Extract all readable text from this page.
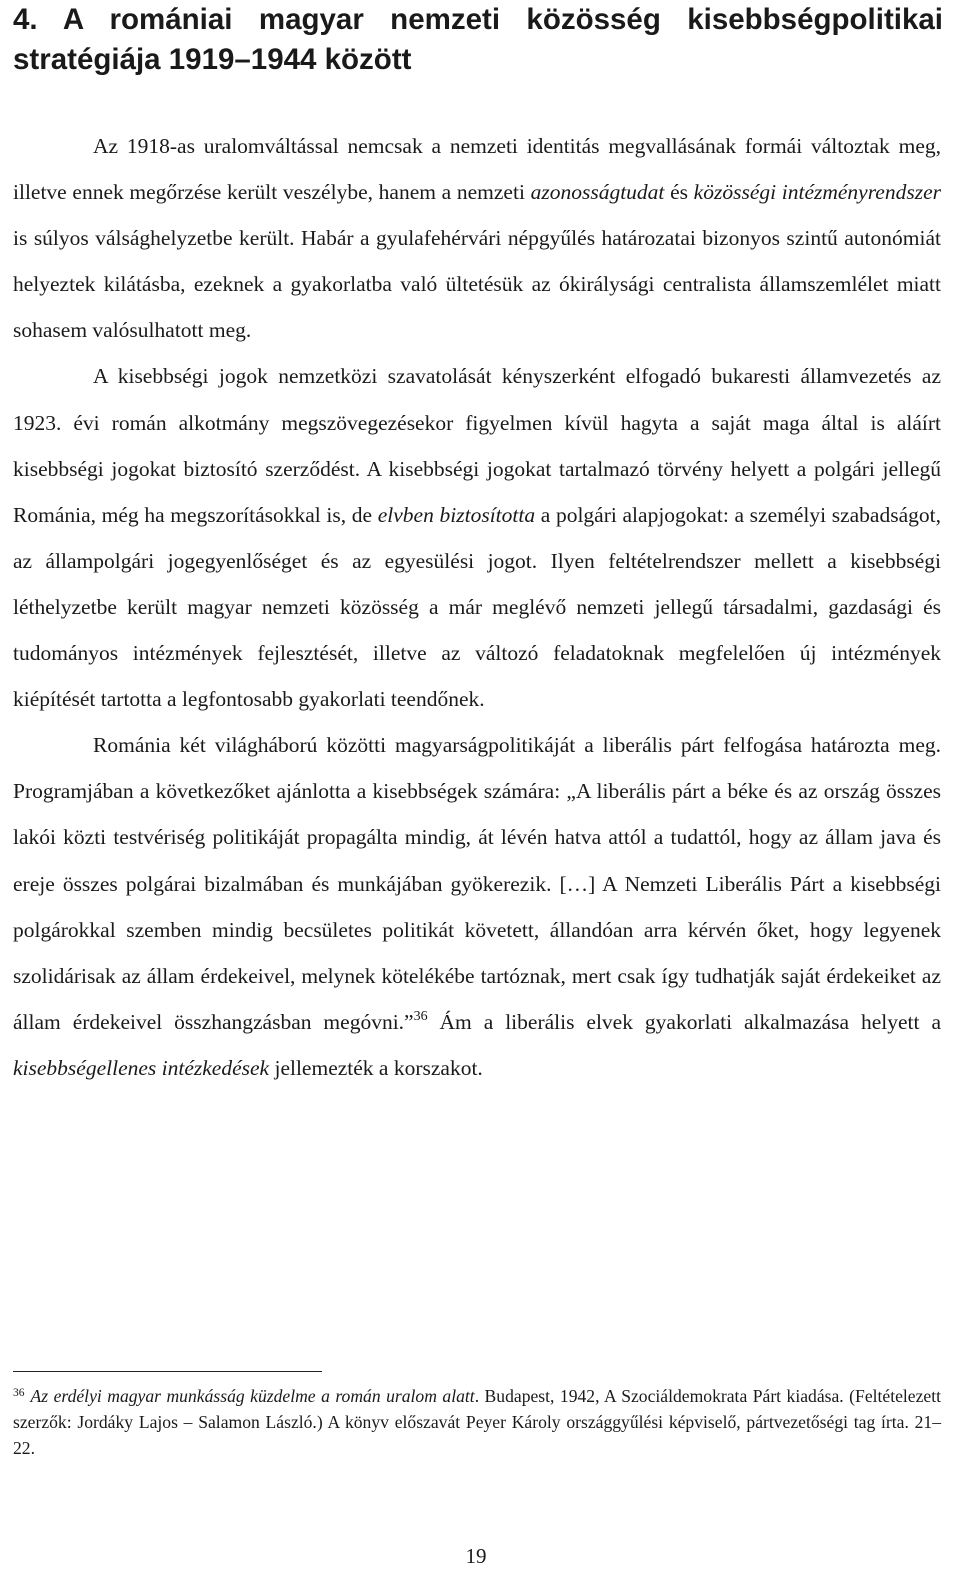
4. A romániai magyar nemzeti közösség kisebbségpolitikai stratégiája 1919–1944 között

Az 1918-as uralomváltással nemcsak a nemzeti identitás megvallásának formái változtak meg, illetve ennek megőrzése került veszélybe, hanem a nemzeti azonosságtudat és közösségi intézményrendszer is súlyos válsághelyzetbe került. Habár a gyulafehérvári népgyűlés határozatai bizonyos szintű autonómiát helyeztek kilátásba, ezeknek a gyakorlatba való ültetésük az ókirálysági centralista államszemlélet miatt sohasem valósulhatott meg.

A kisebbségi jogok nemzetközi szavatolását kényszerként elfogadó bukaresti államvezetés az 1923. évi román alkotmány megszövegezésekor figyelmen kívül hagyta a saját maga által is aláírt kisebbségi jogokat biztosító szerződést. A kisebbségi jogokat tartalmazó törvény helyett a polgári jellegű Románia, még ha megszorításokkal is, de elvben biztosította a polgári alapjogokat: a személyi szabadságot, az állampolgári jogegyenlőséget és az egyesülési jogot. Ilyen feltételrendszer mellett a kisebbségi léthelyzetbe került magyar nemzeti közösség a már meglévő nemzeti jellegű társadalmi, gazdasági és tudományos intézmények fejlesztését, illetve az változó feladatoknak megfelelően új intézmények kiépítését tartotta a legfontosabb gyakorlati teendőnek.

Románia két világháború közötti magyarságpolitikáját a liberális párt felfogása határozta meg. Programjában a következőket ajánlotta a kisebbségek számára: „A liberális párt a béke és az ország összes lakói közti testvériség politikáját propagálta mindig, át lévén hatva attól a tudattól, hogy az állam java és ereje összes polgárai bizalmában és munkájában gyökerezik. […] A Nemzeti Liberális Párt a kisebbségi polgárokkal szemben mindig becsületes politikát követett, állandóan arra kérvén őket, hogy legyenek szolidárisak az állam érdekeivel, melynek kötelékébe tartóznak, mert csak így tudhatják saját érdekeiket az állam érdekeivel összhangzásban megóvni.”$^{36}$ Ám a liberális elvek gyakorlati alkalmazása helyett a kisebbségellenes intézkedések jellemezték a korszakot.

$^{36}$ Az erdélyi magyar munkásság küzdelme a román uralom alatt. Budapest, 1942, A Szociáldemokrata Párt kiadása. (Feltételezett szerzők: Jordáky Lajos – Salamon László.) A könyv előszavát Peyer Károly országgyűlési képviselő, pártvezetőségi tag írta. 21–22.

19
